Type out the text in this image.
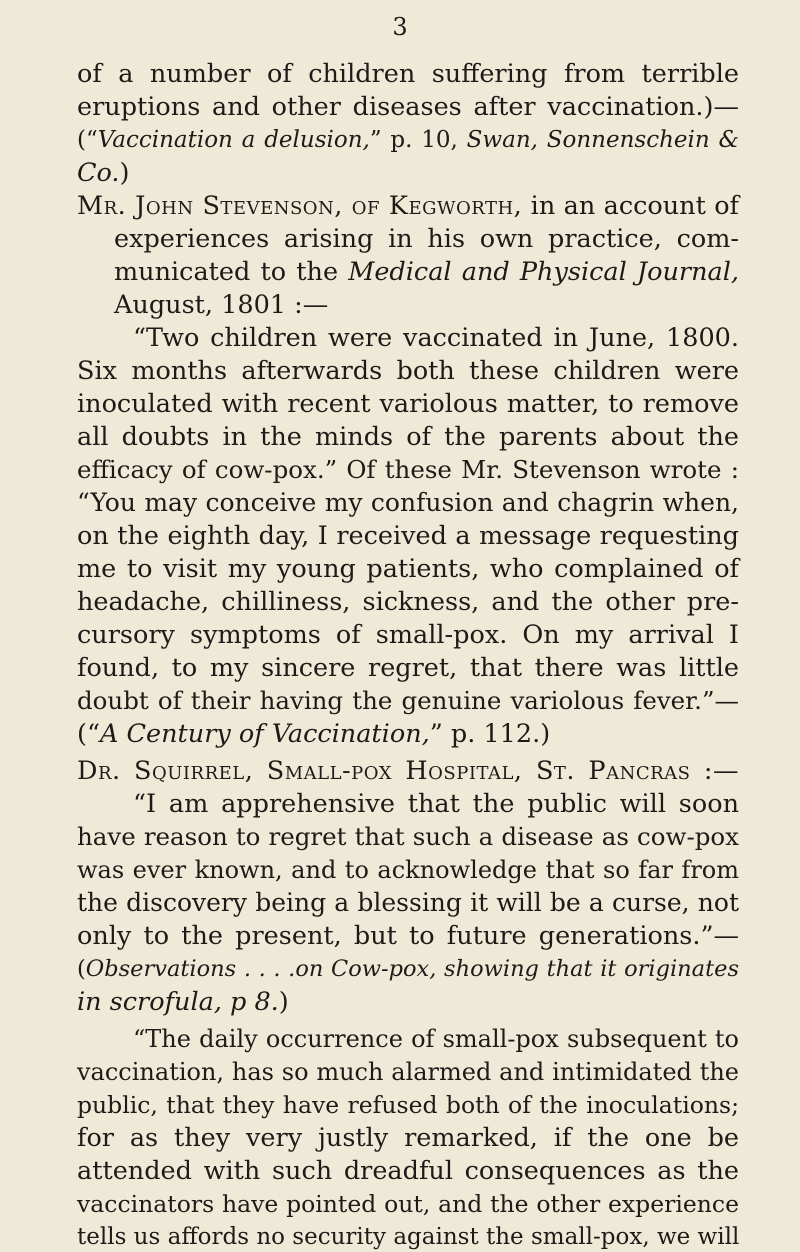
3
of a number of children suffering from terrible
eruptions and other diseases after vaccination.)—
(“Vaccination a delusion,” p. 10, Swan, Sonnenschein &
Co.)
Mr. John Stevenson, of Kegworth, in an account of
experiences arising in his own practice, com-
municated to the Medical and Physical Journal,
August, 1801 :—
“Two children were vaccinated in June, 1800.
Six months afterwards both these children were
inoculated with recent variolous matter, to remove
all doubts in the minds of the parents about the
efficacy of cow-pox.” Of these Mr. Stevenson wrote :
“You may conceive my confusion and chagrin when,
on the eighth day, I received a message requesting
me to visit my young patients, who complained of
headache, chilliness, sickness, and the other pre-
cursory symptoms of small-pox. On my arrival I
found, to my sincere regret, that there was little
doubt of their having the genuine variolous fever.”—
(“A Century of Vaccination,” p. 112.)
Dr. Squirrel, Small-pox Hospital, St. Pancras :—
“I am apprehensive that the public will soon
have reason to regret that such a disease as cow-pox
was ever known, and to acknowledge that so far from
the discovery being a blessing it will be a curse, not
only to the present, but to future generations.”—
(Observations . . . .on Cow-pox, showing that it originates
in scrofula, p 8.)
“The daily occurrence of small-pox subsequent to
vaccination, has so much alarmed and intimidated the
public, that they have refused both of the inoculations;
for as they very justly remarked, if the one be
attended with such dreadful consequences as the
vaccinators have pointed out, and the other experience
tells us affords no security against the small-pox, we will
